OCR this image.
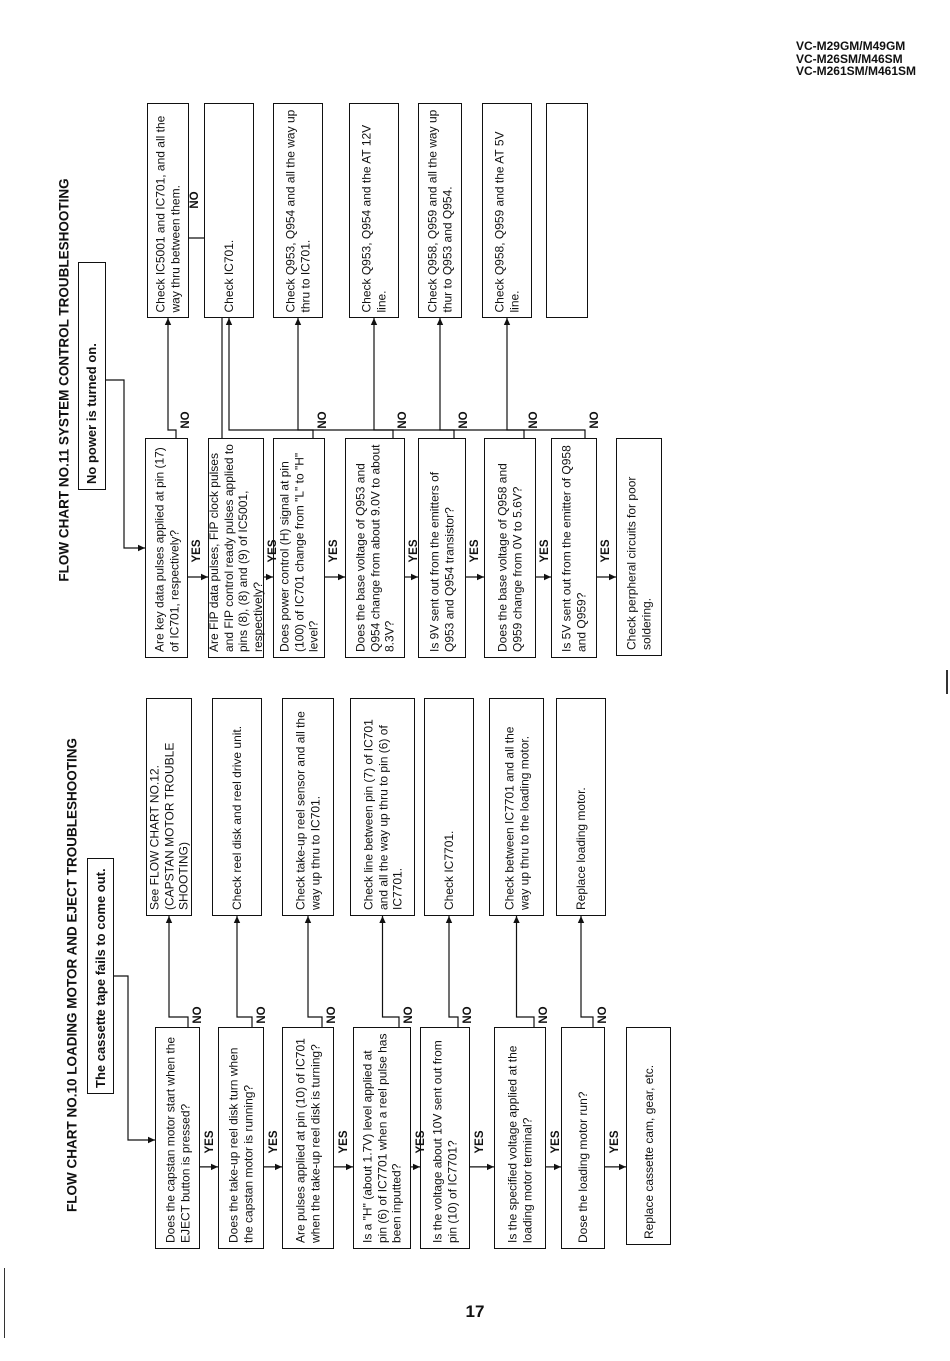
VC-M29GM/M49GM
VC-M26SM/M46SM
VC-M261SM/M461SM
FLOW CHART NO.10 LOADING MOTOR AND EJECT TROUBLESHOOTING The cassette tape fails to come out.
Does the capstan motor start when the EJECT button is pressed?	Does the take-up reel disk turn when the capstan motor is running?	Are pulses applied at pin (10) of IC701 when the take-up reel disk is turning?	Is a "H" (about 1.7V) level applied at pin (6) of IC7701 when a reel pulse has been inputted? Is the voltage about 10V sent out from pin (10) of IC7701?	Is the specified voltage applied at the loading motor terminal?	Dose the loading motor run?	Replace cassette cam, gear, etc.
See FLOW CHART NO.12. (CAPSTAN MOTOR TROUBLE SHOOTING)	Check reel disk and reel drive unit.	Check take-up reel sensor and all the way up thru to IC701.	Check line between pin (7) of IC701 and all the way up thru to pin (6) of IC7701.	Check IC7701.	Check between IC7701 and all the way up thru to the loading motor.	Replace loading motor.
YES
NO
YES
NO
YES
NO
YES
NO
YES
NO
YES
NO
YES
NO
FLOW CHART NO.11 SYSTEM CONTROL TROUBLESHOOTING No power is turned on.
Are key data pulses applied at pin (17) of IC701, respectively? Are FIP data pulses, FIP clock pulses and FIP control ready pulses applied to pins (8), (8) and (9) of IC5001, respectively? Does power control (H) signal at pin (100) of IC701 change from "L" to "H" level?	Does the base voltage of Q953 and Q954 change from about 9.0V to about 8.3V?	Is 9V sent out from the emitters of Q953 and Q954 transistor?	Does the base voltage of Q958 and Q959 change from 0V to 5.6V?	Is 5V sent out from the emitter of Q958 and Q959?	Check perpheral circuits for poor soldering.
Check IC5001 and IC701, and all the way thru between them.	Check IC701.	Check Q953, Q954 and all the way up thru to IC701.	Check Q953, Q954 and the AT 12V line.	Check Q958, Q959 and all the way up thur to Q953 and Q954.	Check Q958, Q959 and the AT 5V line.
YES
NO
YES
NO
YES
NO
YES
NO
YES
NO
YES
NO
YES
NO
17
